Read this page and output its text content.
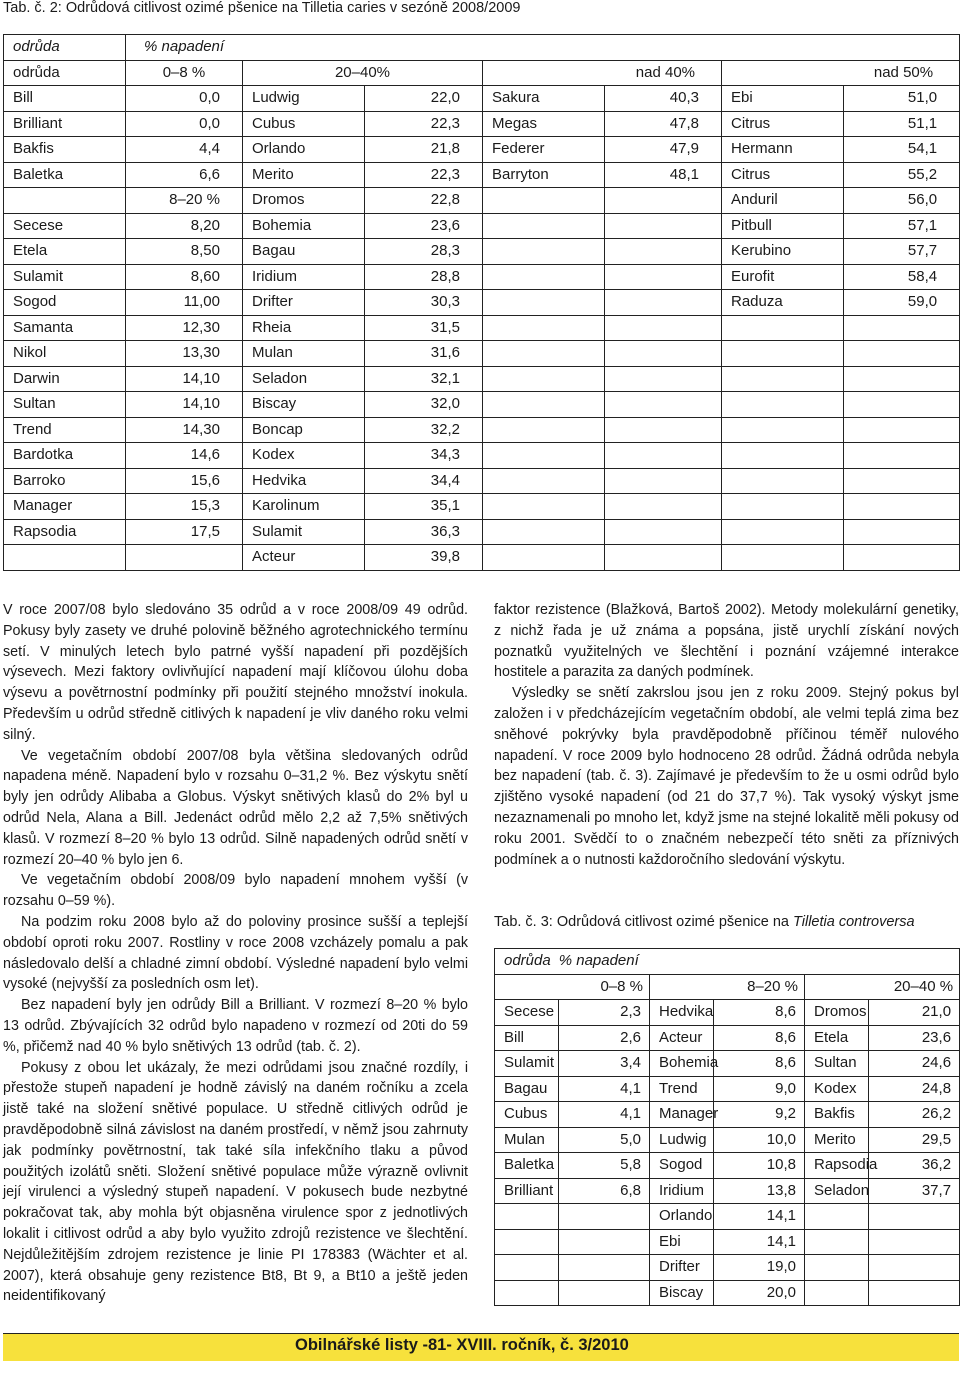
Tab. č. 2: Odrůdová citlivost ozimé pšenice na Tilletia caries v sezóně 2008/2009
odrůda	% napadení						
odrůda	0–8 %	20–40%		nad 40%		nad 50%	
Bill	0,0	Ludwig	22,0	Sakura	40,3	Ebi	51,0
Brilliant	0,0	Cubus	22,3	Megas	47,8	Citrus	51,1
Bakfis	4,4	Orlando	21,8	Federer	47,9	Hermann	54,1
Baletka	6,6	Merito	22,3	Barryton	48,1	Citrus	55,2
	8–20 %	Dromos	22,8			Anduril	56,0
Secese	8,20	Bohemia	23,6			Pitbull	57,1
Etela	8,50	Bagau	28,3			Kerubino	57,7
Sulamit	8,60	Iridium	28,8			Eurofit	58,4
Sogod	11,00	Drifter	30,3			Raduza	59,0
Samanta	12,30	Rheia	31,5				
Nikol	13,30	Mulan	31,6				
Darwin	14,10	Seladon	32,1				
Sultan	14,10	Biscay	32,0				
Trend	14,30	Boncap	32,2				
Bardotka	14,6	Kodex	34,3				
Barroko	15,6	Hedvika	34,4				
Manager	15,3	Karolinum	35,1				
Rapsodia	17,5	Sulamit	36,3				
		Acteur	39,8				

V roce 2007/08 bylo sledováno 35 odrůd a v roce 2008/09 49 odrůd. Pokusy byly zasety ve druhé polovině běžného agrotechnického termínu setí. V minulých letech bylo patrné vyšší napadení při pozdějších výsevech. Mezi faktory ovlivňující napadení mají klíčovou úlohu doba výsevu a povětrnostní podmínky při použití stejného množství inokula. Především u odrůd středně citlivých k napadení je vliv daného roku velmi silný.

Ve vegetačním období 2007/08 byla většina sledovaných odrůd napadena méně. Napadení bylo v rozsahu 0–31,2 %. Bez výskytu snětí byly jen odrůdy Alibaba a Globus. Výskyt snětivých klasů do 2% byl u odrůd Nela, Alana a Bill. Jedenáct odrůd mělo 2,2 až 7,5% snětivých klasů. V rozmezí 8–20 % bylo 13 odrůd. Silně napadených odrůd snětí v rozmezí 20–40 % bylo jen 6.

Ve vegetačním období 2008/09 bylo napadení mnohem vyšší (v rozsahu 0–59 %).

Na podzim roku 2008 bylo až do poloviny prosince sušší a teplejší období oproti roku 2007. Rostliny v roce 2008 vzcházely pomalu a pak následovalo delší a chladné zimní období. Výsledné napadení bylo velmi vysoké (nejvyšší za posledních osm let).

Bez napadení byly jen odrůdy Bill a Brilliant. V rozmezí 8–20 % bylo 13 odrůd. Zbývajících 32 odrůd bylo napadeno v rozmezí od 20ti do 59 %, přičemž nad 40 % bylo snětivých 13 odrůd (tab. č. 2).

Pokusy z obou let ukázaly, že mezi odrůdami jsou značné rozdíly, i přestože stupeň napadení je hodně závislý na daném ročníku a zcela jistě také na složení snětivé populace. U středně citlivých odrůd je pravděpodobně silná závislost na daném prostředí, v němž jsou zahrnuty jak podmínky povětrnostní, tak také síla infekčního tlaku a původ použitých izolátů sněti. Složení snětivé populace může výrazně ovlivnit její virulenci a výsledný stupeň napadení. V pokusech bude nezbytné pokračovat tak, aby mohla být objasněna virulence spor z jednotlivých lokalit i citlivost odrůd a aby bylo využito zdrojů rezistence ve šlechtění. Nejdůležitějším zdrojem rezistence je linie PI 178383 (Wächter et al. 2007), která obsahuje geny rezistence Bt8, Bt 9, a Bt10 a ještě jeden neidentifikovaný

faktor rezistence (Blažková, Bartoš 2002). Metody molekulární genetiky, z nichž řada je už známa a popsána, jistě urychlí získání nových poznatků využitelných ve šlechtění i poznání vzájemné interakce hostitele a parazita za daných podmínek.

Výsledky se snětí zakrslou jsou jen z roku 2009. Stejný pokus byl založen i v předcházejícím vegetačním období, ale velmi teplá zima bez sněhové pokrývky byla pravděpodobně příčinou téměř nulového napadení. V roce 2009 bylo hodnoceno 28 odrůd. Žádná odrůda nebyla bez napadení (tab. č. 3). Zajímavé je především to že u osmi odrůd bylo zjištěno vysoké napadení (od 21 do 37,7 %). Tak vysoký výskyt jsme nezaznamenali po mnoho let, když jsme na stejné lokalitě měli pokusy od roku 2001. Svědčí to o značném nebezpečí této sněti za příznivých podmínek a o nutnosti každoročního sledování výskytu.

Tab. č. 3: Odrůdová citlivost ozimé pšenice na Tilletia controversa
odrůda % napadení					
0–8 %		8–20 %		20–40 %	
Secese	2,3	Hedvika	8,6	Dromos	21,0
Bill	2,6	Acteur	8,6	Etela	23,6
Sulamit	3,4	Bohemia	8,6	Sultan	24,6
Bagau	4,1	Trend	9,0	Kodex	24,8
Cubus	4,1	Manager	9,2	Bakfis	26,2
Mulan	5,0	Ludwig	10,0	Merito	29,5
Baletka	5,8	Sogod	10,8	Rapsodia	36,2
Brilliant	6,8	Iridium	13,8	Seladon	37,7
		Orlando	14,1		
		Ebi	14,1		
		Drifter	19,0		
		Biscay	20,0		
Obilnářské listy -81- XVIII. ročník, č. 3/2010
